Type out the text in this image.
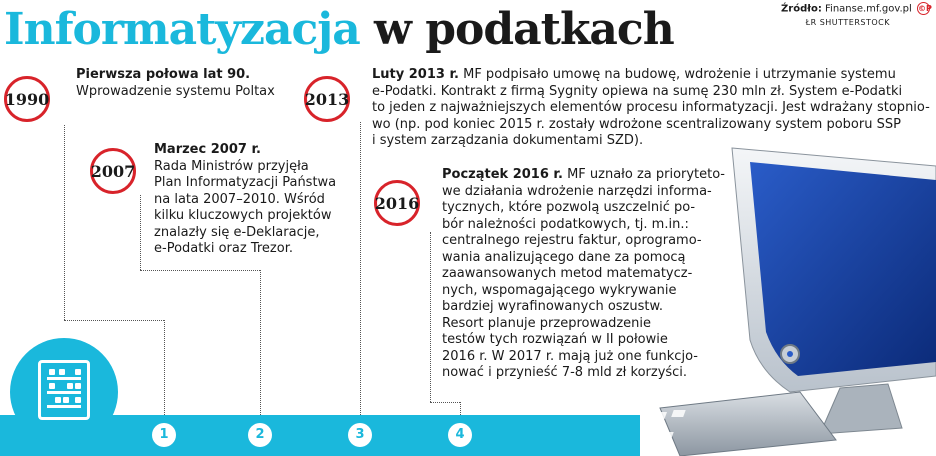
Informatyzacja w podatkach	Źródło: Finanse.mf.gov.pl ©P
ŁR SHUTTERSTOCK
1990
2007
2013
2016
Pierwsza połowa lat 90.
Wprowadzenie systemu Poltax
Marzec 2007 r.
Rada Ministrów przyjęła
Plan Informatyzacji Państwa
na lata 2007–2010. Wśród
kilku kluczowych projektów
znalazły się e-Deklaracje,
e-Podatki oraz Trezor.
Luty 2013 r. MF podpisało umowę na budowę, wdrożenie i utrzymanie systemu
e-Podatki. Kontrakt z firmą Sygnity opiewa na sumę 230 mln zł. System e-Podatki
to jeden z najważniejszych elementów procesu informatyzacji. Jest wdrażany stopnio-
wo (np. pod koniec 2015 r. zostały wdrożone scentralizowany system poboru SSP
i system zarządzania dokumentami SZD).
Początek 2016 r. MF uznało za priorytetо-
we działania wdrożenie narzędzi informa-
tycznych, które pozwolą uszczelnić po-
bór należności podatkowych, tj. m.in.:
centralnego rejestru faktur, oprogramo-
wania analizującego dane za pomocą
zaawansowanych metod matematycz-
nych, wspomagającego wykrywanie
bardziej wyrafinowanych oszustw.
Resort planuje przeprowadzenie
testów tych rozwiązań w II połowie
2016 r. W 2017 r. mają już one funkcjo-
nować i przynieść 7-8 mld zł korzyści.
1	2	3	4
